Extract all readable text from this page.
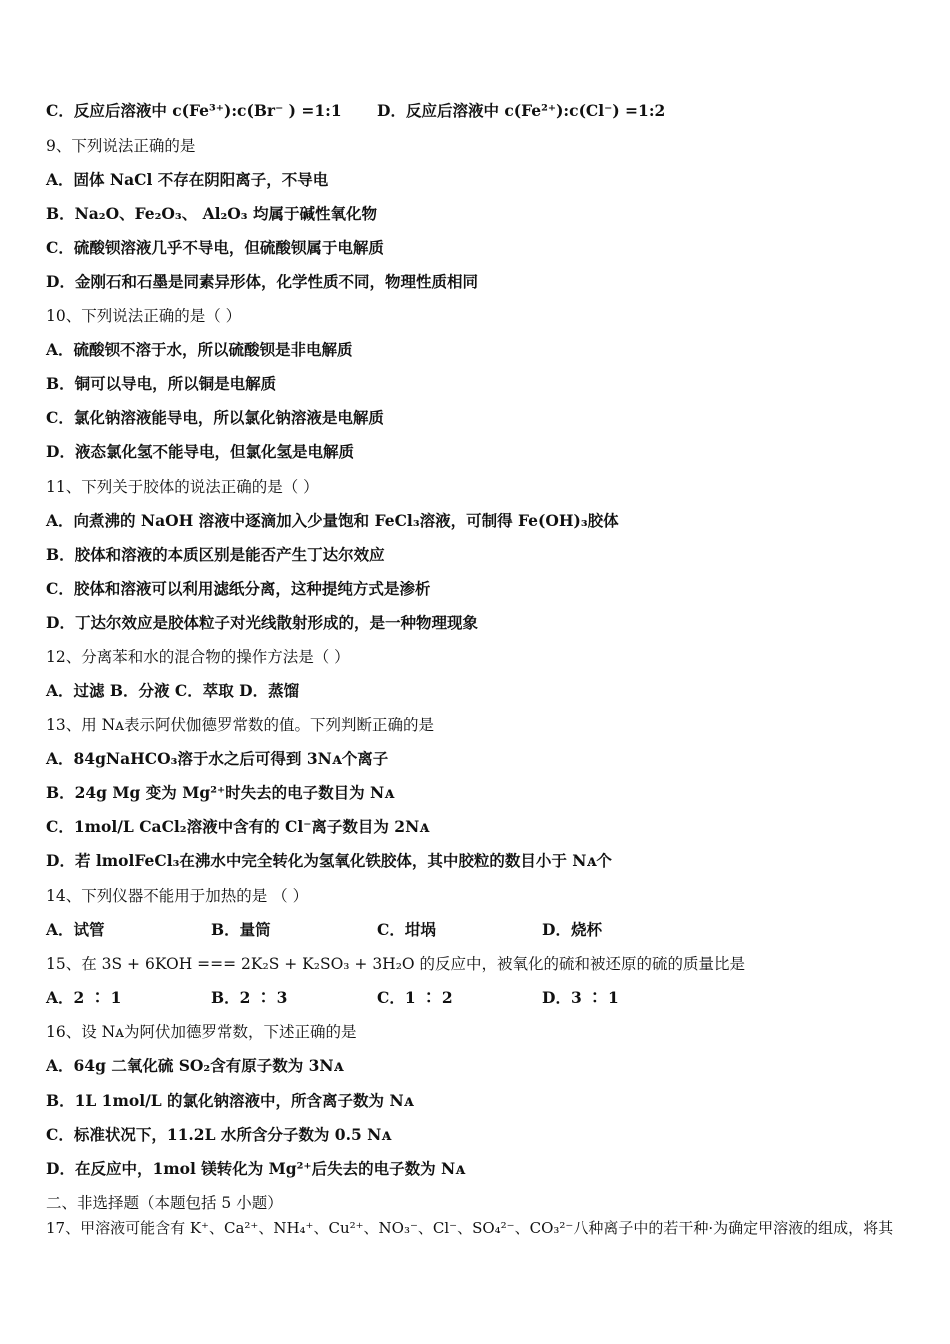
C．反应后溶液中 c(Fe³⁺):c(Br⁻ ) =1:1 D．反应后溶液中 c(Fe²⁺):c(Cl⁻) =1:2
9、下列说法正确的是
A．固体 NaCl 不存在阴阳离子，不导电
B．Na₂O、Fe₂O₃、 Al₂O₃ 均属于碱性氧化物
C．硫酸钡溶液几乎不导电，但硫酸钡属于电解质
D．金刚石和石墨是同素异形体，化学性质不同，物理性质相同
10、下列说法正确的是（ ）
A．硫酸钡不溶于水，所以硫酸钡是非电解质
B．铜可以导电，所以铜是电解质
C．氯化钠溶液能导电，所以氯化钠溶液是电解质
D．液态氯化氢不能导电，但氯化氢是电解质
11、下列关于胶体的说法正确的是（ ）
A．向煮沸的 NaOH 溶液中逐滴加入少量饱和 FeCl₃溶液，可制得 Fe(OH)₃胶体
B．胶体和溶液的本质区别是能否产生丁达尔效应
C．胶体和溶液可以利用滤纸分离，这种提纯方式是渗析
D．丁达尔效应是胶体粒子对光线散射形成的，是一种物理现象
12、分离苯和水的混合物的操作方法是（ ）
A．过滤 B．分液 C．萃取 D．蒸馏
13、用 Nᴀ表示阿伏伽德罗常数的值。下列判断正确的是
A．84gNaHCO₃溶于水之后可得到 3Nᴀ个离子
B．24g Mg 变为 Mg²⁺时失去的电子数目为 Nᴀ
C．1mol/L CaCl₂溶液中含有的 Cl⁻离子数目为 2Nᴀ
D．若 lmolFeCl₃在沸水中完全转化为氢氧化铁胶体，其中胶粒的数目小于 Nᴀ个
14、下列仪器不能用于加热的是 （ ）
A．试管	B．量筒	C．坩埚	D．烧杯
15、在 3S + 6KOH === 2K₂S + K₂SO₃ + 3H₂O 的反应中，被氧化的硫和被还原的硫的质量比是
A．2 ∶ 1	B．2 ∶ 3	C．1 ∶ 2	D．3 ∶ 1
16、设 Nᴀ为阿伏加德罗常数，下述正确的是
A．64g 二氧化硫 SO₂含有原子数为 3Nᴀ
B．1L 1mol/L 的氯化钠溶液中，所含离子数为 Nᴀ
C．标准状况下，11.2L 水所含分子数为 0.5 Nᴀ
D．在反应中，1mol 镁转化为 Mg²⁺后失去的电子数为 Nᴀ
二、非选择题（本题包括 5 小题）
17、甲溶液可能含有 K⁺、Ca²⁺、NH₄⁺、Cu²⁺、NO₃⁻、Cl⁻、SO₄²⁻、CO₃²⁻八种离子中的若干种·为确定甲溶液的组成，将其
